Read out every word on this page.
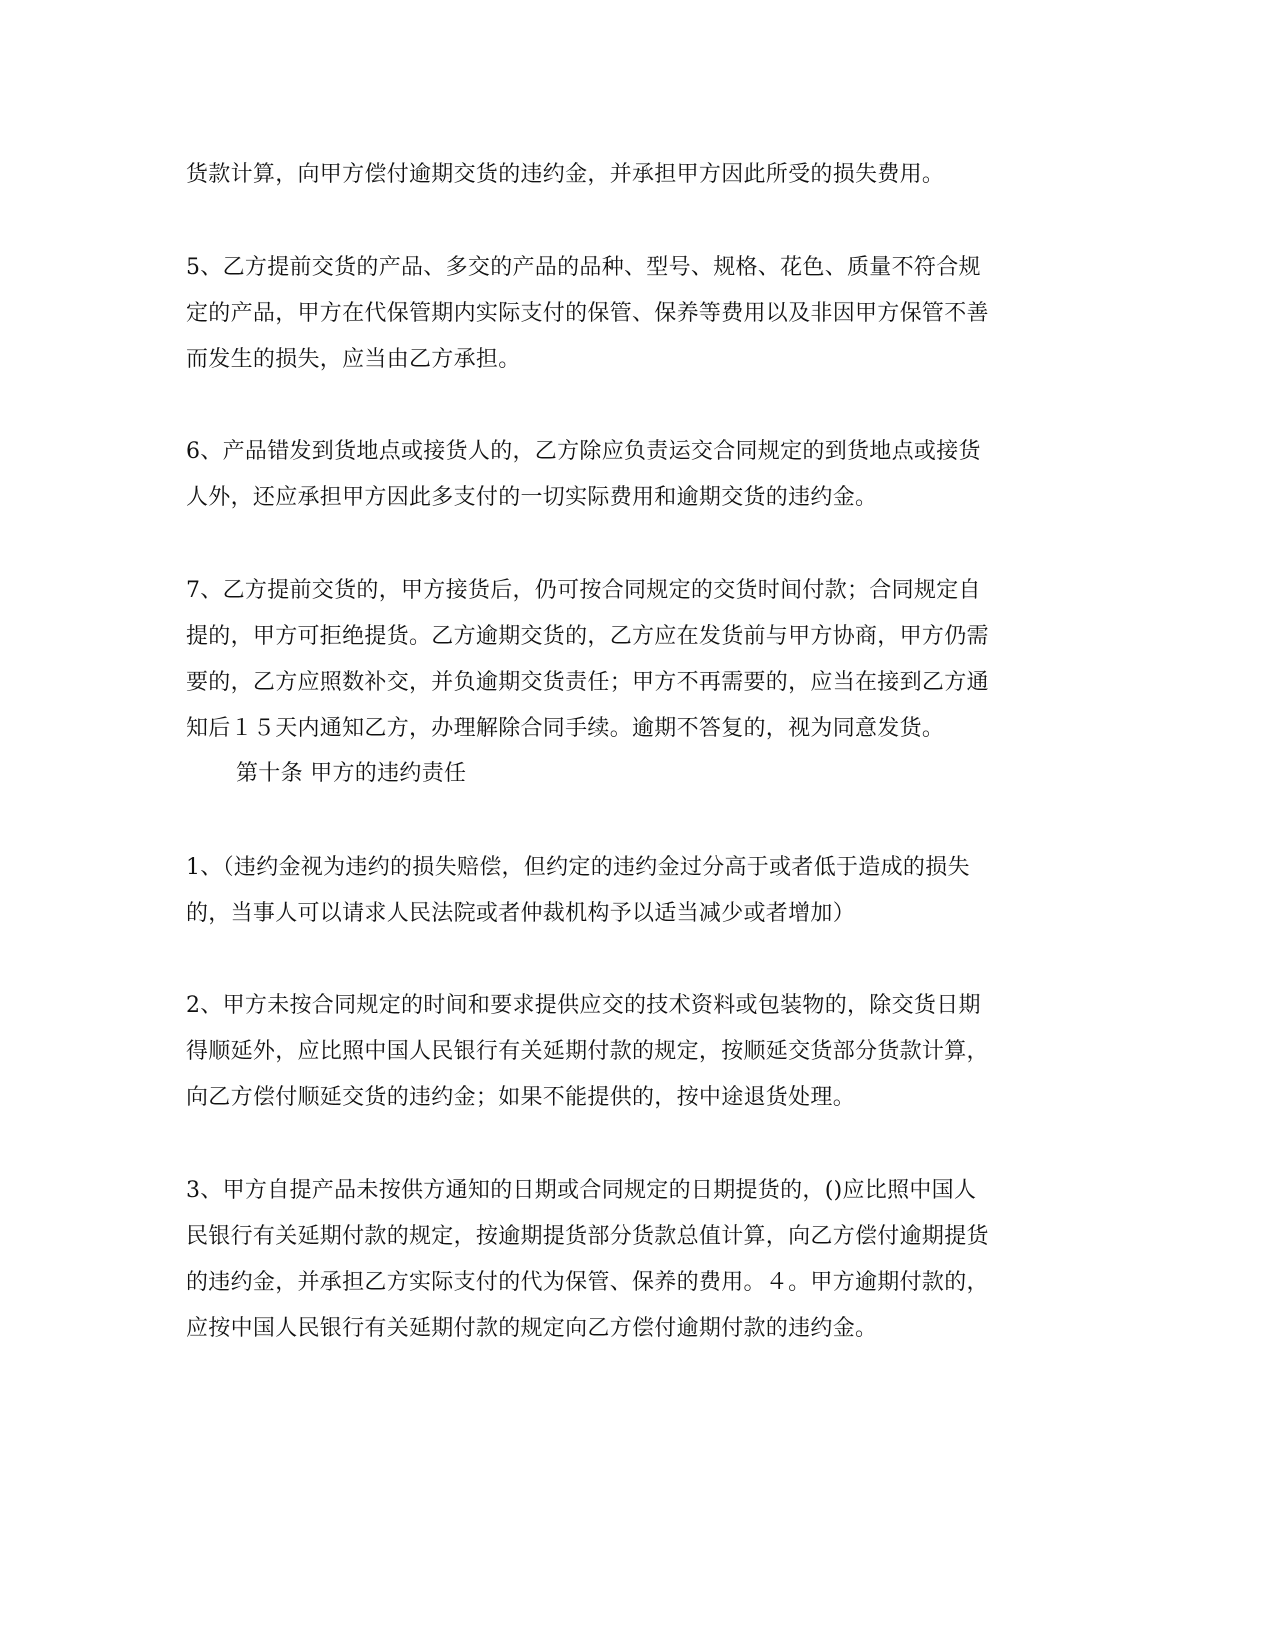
货款计算，向甲方偿付逾期交货的违约金，并承担甲方因此所受的损失费用。
5、乙方提前交货的产品、多交的产品的品种、型号、规格、花色、质量不符合规
定的产品，甲方在代保管期内实际支付的保管、保养等费用以及非因甲方保管不善
而发生的损失，应当由乙方承担。
6、产品错发到货地点或接货人的，乙方除应负责运交合同规定的到货地点或接货
人外，还应承担甲方因此多支付的一切实际费用和逾期交货的违约金。
7、乙方提前交货的，甲方接货后，仍可按合同规定的交货时间付款；合同规定自
提的，甲方可拒绝提货。乙方逾期交货的，乙方应在发货前与甲方协商，甲方仍需
要的，乙方应照数补交，并负逾期交货责任；甲方不再需要的，应当在接到乙方通
知后１５天内通知乙方，办理解除合同手续。逾期不答复的，视为同意发货。
第十条 甲方的违约责任
1、（违约金视为违约的损失赔偿，但约定的违约金过分高于或者低于造成的损失
的，当事人可以请求人民法院或者仲裁机构予以适当减少或者增加）
2、甲方未按合同规定的时间和要求提供应交的技术资料或包装物的，除交货日期
得顺延外，应比照中国人民银行有关延期付款的规定，按顺延交货部分货款计算，
向乙方偿付顺延交货的违约金；如果不能提供的，按中途退货处理。
3、甲方自提产品未按供方通知的日期或合同规定的日期提货的，()应比照中国人
民银行有关延期付款的规定，按逾期提货部分货款总值计算，向乙方偿付逾期提货
的违约金，并承担乙方实际支付的代为保管、保养的费用。４。甲方逾期付款的，
应按中国人民银行有关延期付款的规定向乙方偿付逾期付款的违约金。
